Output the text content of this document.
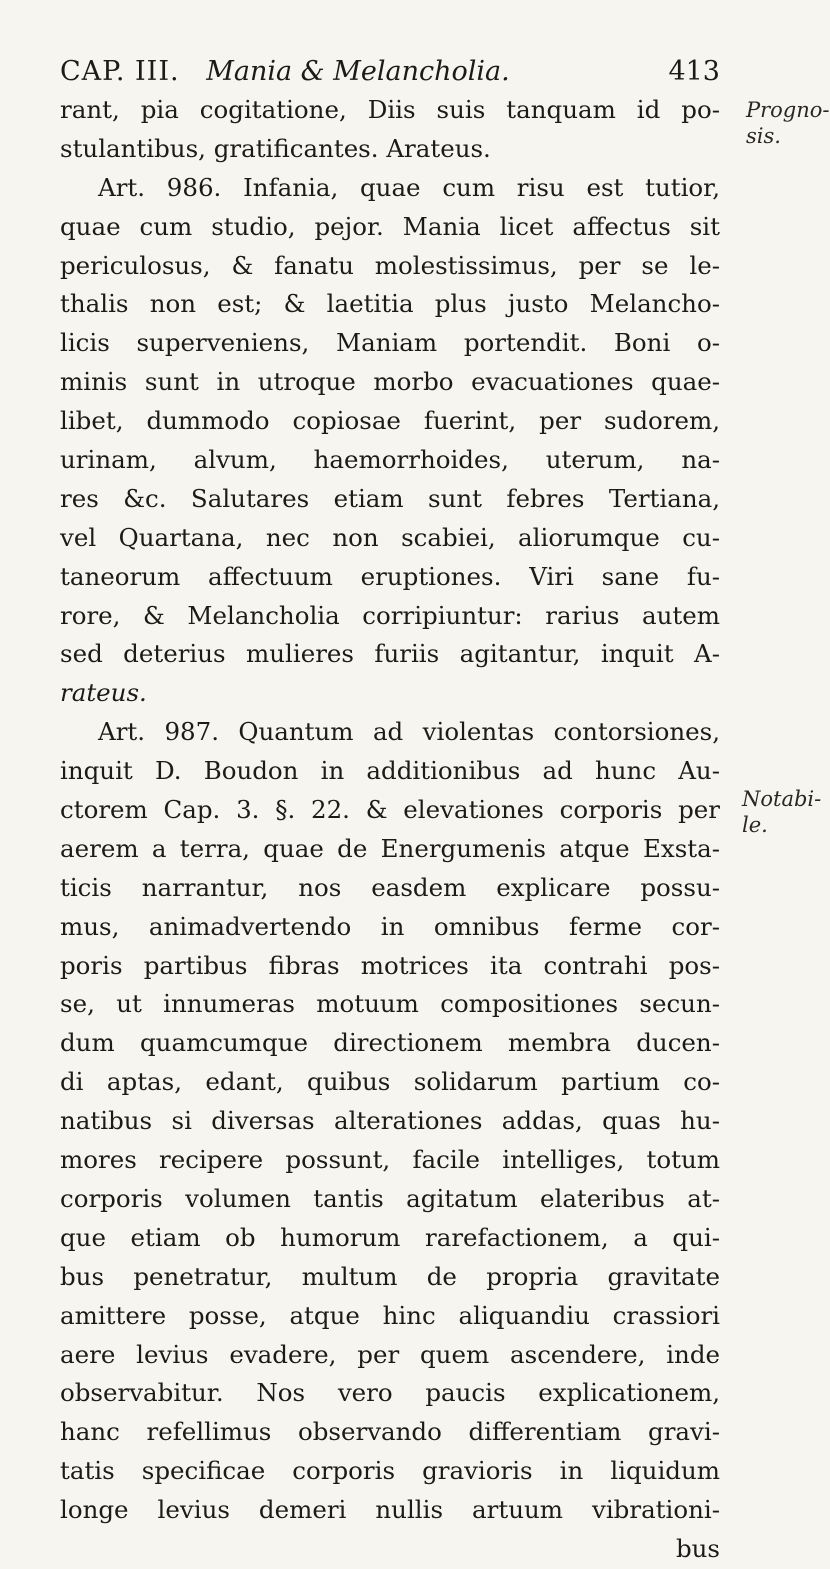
CAP. III. Mania & Melancholia.	413
Progno- sis.
Notabi- le.
rant, pia cogitatione, Diis suis tanquam id po-
stulantibus, gratificantes. Arateus.
Art. 986. Infania, quae cum risu est tutior,
quae cum studio, pejor. Mania licet affectus sit
periculosus, & fanatu molestissimus, per se le-
thalis non est; & laetitia plus justo Melancho-
licis superveniens, Maniam portendit. Boni o-
minis sunt in utroque morbo evacuationes quae-
libet, dummodo copiosae fuerint, per sudorem,
urinam, alvum, haemorrhoides, uterum, na-
res &c. Salutares etiam sunt febres Tertiana,
vel Quartana, nec non scabiei, aliorumque cu-
taneorum affectuum eruptiones. Viri sane fu-
rore, & Melancholia corripiuntur: rarius autem
sed deterius mulieres furiis agitantur, inquit A-
rateus.
Art. 987. Quantum ad violentas contorsiones,
inquit D. Boudon in additionibus ad hunc Au-
ctorem Cap. 3. §. 22. & elevationes corporis per
aerem a terra, quae de Energumenis atque Exsta-
ticis narrantur, nos easdem explicare possu-
mus, animadvertendo in omnibus ferme cor-
poris partibus fibras motrices ita contrahi pos-
se, ut innumeras motuum compositiones secun-
dum quamcumque directionem membra ducen-
di aptas, edant, quibus solidarum partium co-
natibus si diversas alterationes addas, quas hu-
mores recipere possunt, facile intelliges, totum
corporis volumen tantis agitatum elateribus at-
que etiam ob humorum rarefactionem, a qui-
bus penetratur, multum de propria gravitate
amittere posse, atque hinc aliquandiu crassiori
aere levius evadere, per quem ascendere, inde
observabitur. Nos vero paucis explicationem,
hanc refellimus observando differentiam gravi-
tatis specificae corporis gravioris in liquidum
longe levius demeri nullis artuum vibrationi-
bus
